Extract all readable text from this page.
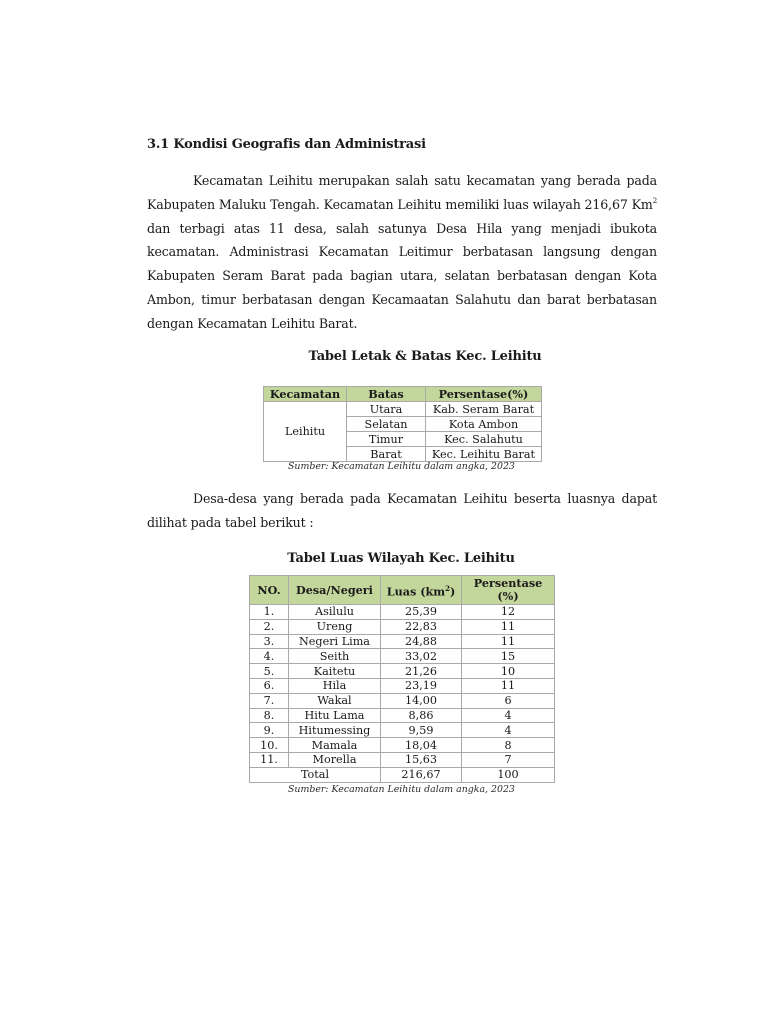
3.1 Kondisi Geografis dan Administrasi

Kecamatan Leihitu merupakan salah satu kecamatan yang berada pada Kabupaten Maluku Tengah. Kecamatan Leihitu memiliki luas wilayah 216,67 Km$^2$ dan terbagi atas 11 desa, salah satunya Desa Hila yang menjadi ibukota kecamatan. Administrasi Kecamatan Leitimur berbatasan langsung dengan Kabupaten Seram Barat pada bagian utara, selatan berbatasan dengan Kota Ambon, timur berbatasan dengan Kecamaatan Salahutu dan barat berbatasan dengan Kecamatan Leihitu Barat.

Tabel Letak & Batas Kec. Leihitu
Kecamatan	Batas	Persentase(%)
Leihitu	Utara	Kab. Seram Barat
	Selatan	Kota Ambon
	Timur	Kec. Salahutu
	Barat	Kec. Leihitu Barat
Sumber: Kecamatan Leihitu dalam angka, 2023

Desa-desa yang berada pada Kecamatan Leihitu beserta luasnya dapat dilihat pada tabel berikut :

Tabel Luas Wilayah Kec. Leihitu
NO.	Desa/Negeri	Luas $(km^2)$	Persentase(%)
1.	Asilulu	25,39	12
2.	Ureng	22,83	11
3.	Negeri Lima	24,88	11
4.	Seith	33,02	15
5.	Kaitetu	21,26	10
6.	Hila	23,19	11
7.	Wakal	14,00	6
8.	Hitu Lama	8,86	4
9.	Hitumessing	9,59	4
10.	Mamala	18,04	8
11.	Morella	15,63	7
Total		216,67	100
Sumber: Kecamatan Leihitu dalam angka, 2023
